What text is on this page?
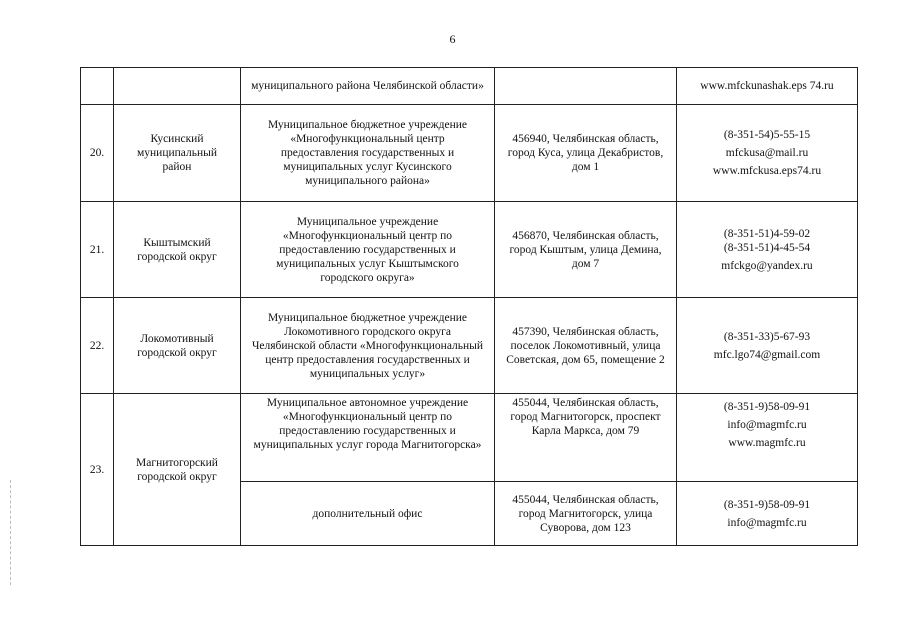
6

		муниципального района Челябинской области»		www.mfckunashak.eps 74.ru

20.	Кусинский
муниципальный
район	Муниципальное бюджетное учреждение
«Многофункциональный центр
предоставления государственных и
муниципальных услуг Кусинского
муниципального района»	456940, Челябинская область,
город Куса, улица Декабристов,
дом 1	(8-351-54)5-55-15
mfckusa@mail.ru
www.mfckusa.eps74.ru

21.	Кыштымский
городской округ	Муниципальное учреждение
«Многофункциональный центр по
предоставлению государственных и
муниципальных услуг Кыштымского
городского округа»	456870, Челябинская область,
город Кыштым, улица Демина,
дом 7	(8-351-51)4-59-02
(8-351-51)4-45-54
mfckgo@yandex.ru

22.	Локомотивный
городской округ	Муниципальное бюджетное учреждение
Локомотивного городского округа
Челябинской области «Многофункциональный
центр предоставления государственных и
муниципальных услуг»	457390, Челябинская область,
поселок Локомотивный, улица
Советская, дом 65, помещение 2	(8-351-33)5-67-93
mfc.lgo74@gmail.com

23.	Магнитогорский
городской округ	Муниципальное автономное учреждение
«Многофункциональный центр по
предоставлению государственных и
муниципальных услуг города Магнитогорска»	455044, Челябинская область,
город Магнитогорск, проспект
Карла Маркса, дом 79	(8-351-9)58-09-91
info@magmfc.ru
www.magmfc.ru

		дополнительный офис	455044, Челябинская область,
город Магнитогорск, улица
Суворова, дом 123	(8-351-9)58-09-91
info@magmfc.ru
